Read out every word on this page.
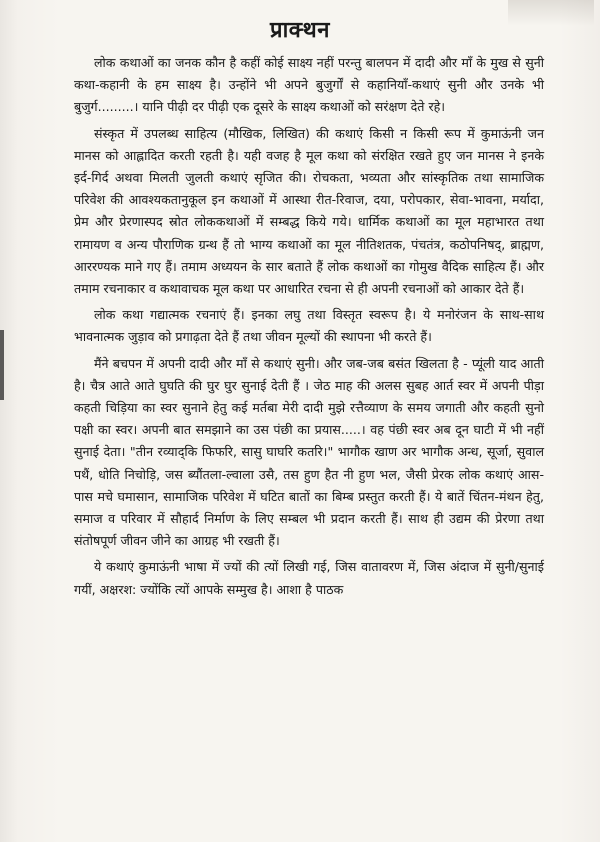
प्राक्थन

लोक कथाओं का जनक कौन है कहीं कोई साक्ष्य नहीं परन्तु बालपन में दादी और माँ के मुख से सुनी कथा-कहानी के हम साक्ष्य है। उन्होंने भी अपने बुजुर्गों से कहानियाँ-कथाएं सुनी और उनके भी बुजुर्ग.........। यानि पीढ़ी दर पीढ़ी एक दूसरे के साक्ष्य कथाओं को सरंक्षण देते रहे।

संस्कृत में उपलब्ध साहित्य (मौखिक, लिखित) की कथाएं किसी न किसी रूप में कुमाऊंनी जन मानस को आह्लादित करती रहती है। यही वजह है मूल कथा को संरक्षित रखते हुए जन मानस ने इनके इर्द-गिर्द अथवा मिलती जुलती कथाएं सृजित की। रोचकता, भव्यता और सांस्कृतिक तथा सामाजिक परिवेश की आवश्यकतानुकूल इन कथाओं में आस्था रीत-रिवाज, दया, परोपकार, सेवा-भावना, मर्यादा, प्रेम और प्रेरणास्पद स्रोत लोककथाओं में सम्बद्ध किये गये। धार्मिक कथाओं का मूल महाभारत तथा रामायण व अन्य पौराणिक ग्रन्थ हैं तो भाग्य कथाओं का मूल नीतिशतक, पंचतंत्र, कठोपनिषद्, ब्राह्मण, आररण्यक माने गए हैं। तमाम अध्ययन के सार बताते हैं लोक कथाओं का गोमुख वैदिक साहित्य हैं। और तमाम रचनाकार व कथावाचक मूल कथा पर आधारित रचना से ही अपनी रचनाओं को आकार देते हैं।

लोक कथा गद्यात्मक रचनाएं हैं। इनका लघु तथा विस्तृत स्वरूप है। ये मनोरंजन के साथ-साथ भावनात्मक जुड़ाव को प्रगाढ़ता देते हैं तथा जीवन मूल्यों की स्थापना भी करते हैं।

मैंने बचपन में अपनी दादी और माँ से कथाएं सुनी। और जब-जब बसंत खिलता है - प्यूंली याद आती है। चैत्र आते आते घुघति की घुर घुर सुनाई देती हैं । जेठ माह की अलस सुबह आर्त स्वर में अपनी पीड़ा कहती चिड़िया का स्वर सुनाने हेतु कई मर्तबा मेरी दादी मुझे रत्तैव्याण के समय जगाती और कहती सुनो पक्षी का स्वर। अपनी बात समझाने का उस पंछी का प्रयास.....। वह पंछी स्वर अब दून घाटी में भी नहीं सुनाई देता। "तीन रव्याद्कि फिफरि, सासु घाघरि कतरि।" भागौक खाण अर भागौक अन्ध, सूर्जा, सुवाल पथैं, धोति निचोड़ि, जस ब्यौंतला-ल्वाला उसै, तस हुण हैत नी हुण भल, जैसी प्रेरक लोक कथाएं आस-पास मचे घमासान, सामाजिक परिवेश में घटित बातों का बिम्ब प्रस्तुत करती हैं। ये बातें चिंतन-मंथन हेतु, समाज व परिवार में सौहार्द निर्माण के लिए सम्बल भी प्रदान करती हैं। साथ ही उद्यम की प्रेरणा तथा संतोषपूर्ण जीवन जीने का आग्रह भी रखती हैं।

ये कथाएं कुमाऊंनी भाषा में ज्यों की त्यों लिखी गई, जिस वातावरण में, जिस अंदाज में सुनी/सुनाई गयीं, अक्षरश: ज्योंकि त्यों आपके सम्मुख है। आशा है पाठक
